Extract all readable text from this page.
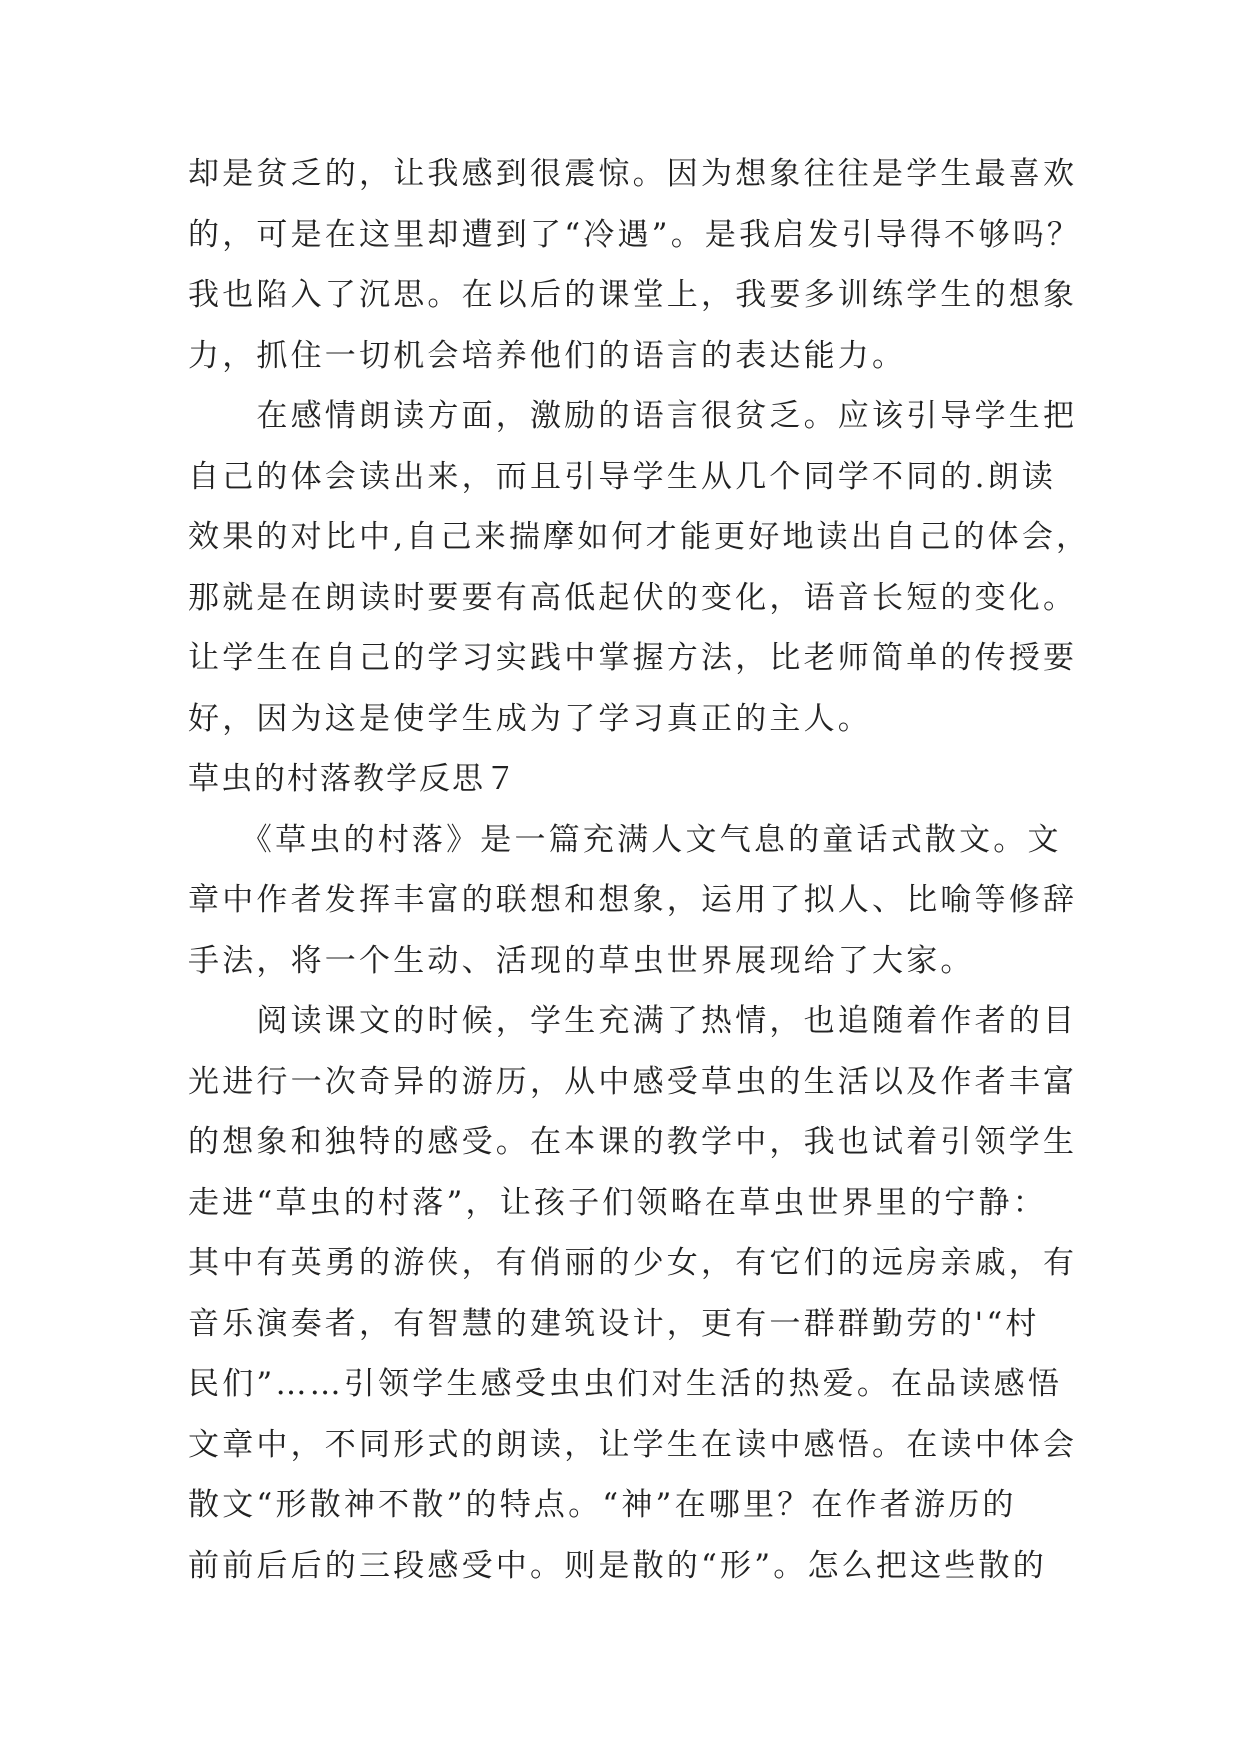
却是贫乏的，让我感到很震惊。因为想象往往是学生最喜欢
的，可是在这里却遭到了“冷遇”。是我启发引导得不够吗？
我也陷入了沉思。在以后的课堂上，我要多训练学生的想象
力，抓住一切机会培养他们的语言的表达能力。
　　在感情朗读方面，激励的语言很贫乏。应该引导学生把
自己的体会读出来，而且引导学生从几个同学不同的.朗读
效果的对比中,自己来揣摩如何才能更好地读出自己的体会，
那就是在朗读时要要有高低起伏的变化，语音长短的变化。
让学生在自己的学习实践中掌握方法，比老师简单的传授要
好，因为这是使学生成为了学习真正的主人。
草虫的村落教学反思７
　　《草虫的村落》是一篇充满人文气息的童话式散文。文
章中作者发挥丰富的联想和想象，运用了拟人、比喻等修辞
手法，将一个生动、活现的草虫世界展现给了大家。
　　阅读课文的时候，学生充满了热情，也追随着作者的目
光进行一次奇异的游历，从中感受草虫的生活以及作者丰富
的想象和独特的感受。在本课的教学中，我也试着引领学生
走进“草虫的村落”，让孩子们领略在草虫世界里的宁静：
其中有英勇的游侠，有俏丽的少女，有它们的远房亲戚，有
音乐演奏者，有智慧的建筑设计，更有一群群勤劳的'“村
民们”……引领学生感受虫虫们对生活的热爱。在品读感悟
文章中，不同形式的朗读，让学生在读中感悟。在读中体会
散文“形散神不散”的特点。“神”在哪里？在作者游历的
前前后后的三段感受中。则是散的“形”。怎么把这些散的
